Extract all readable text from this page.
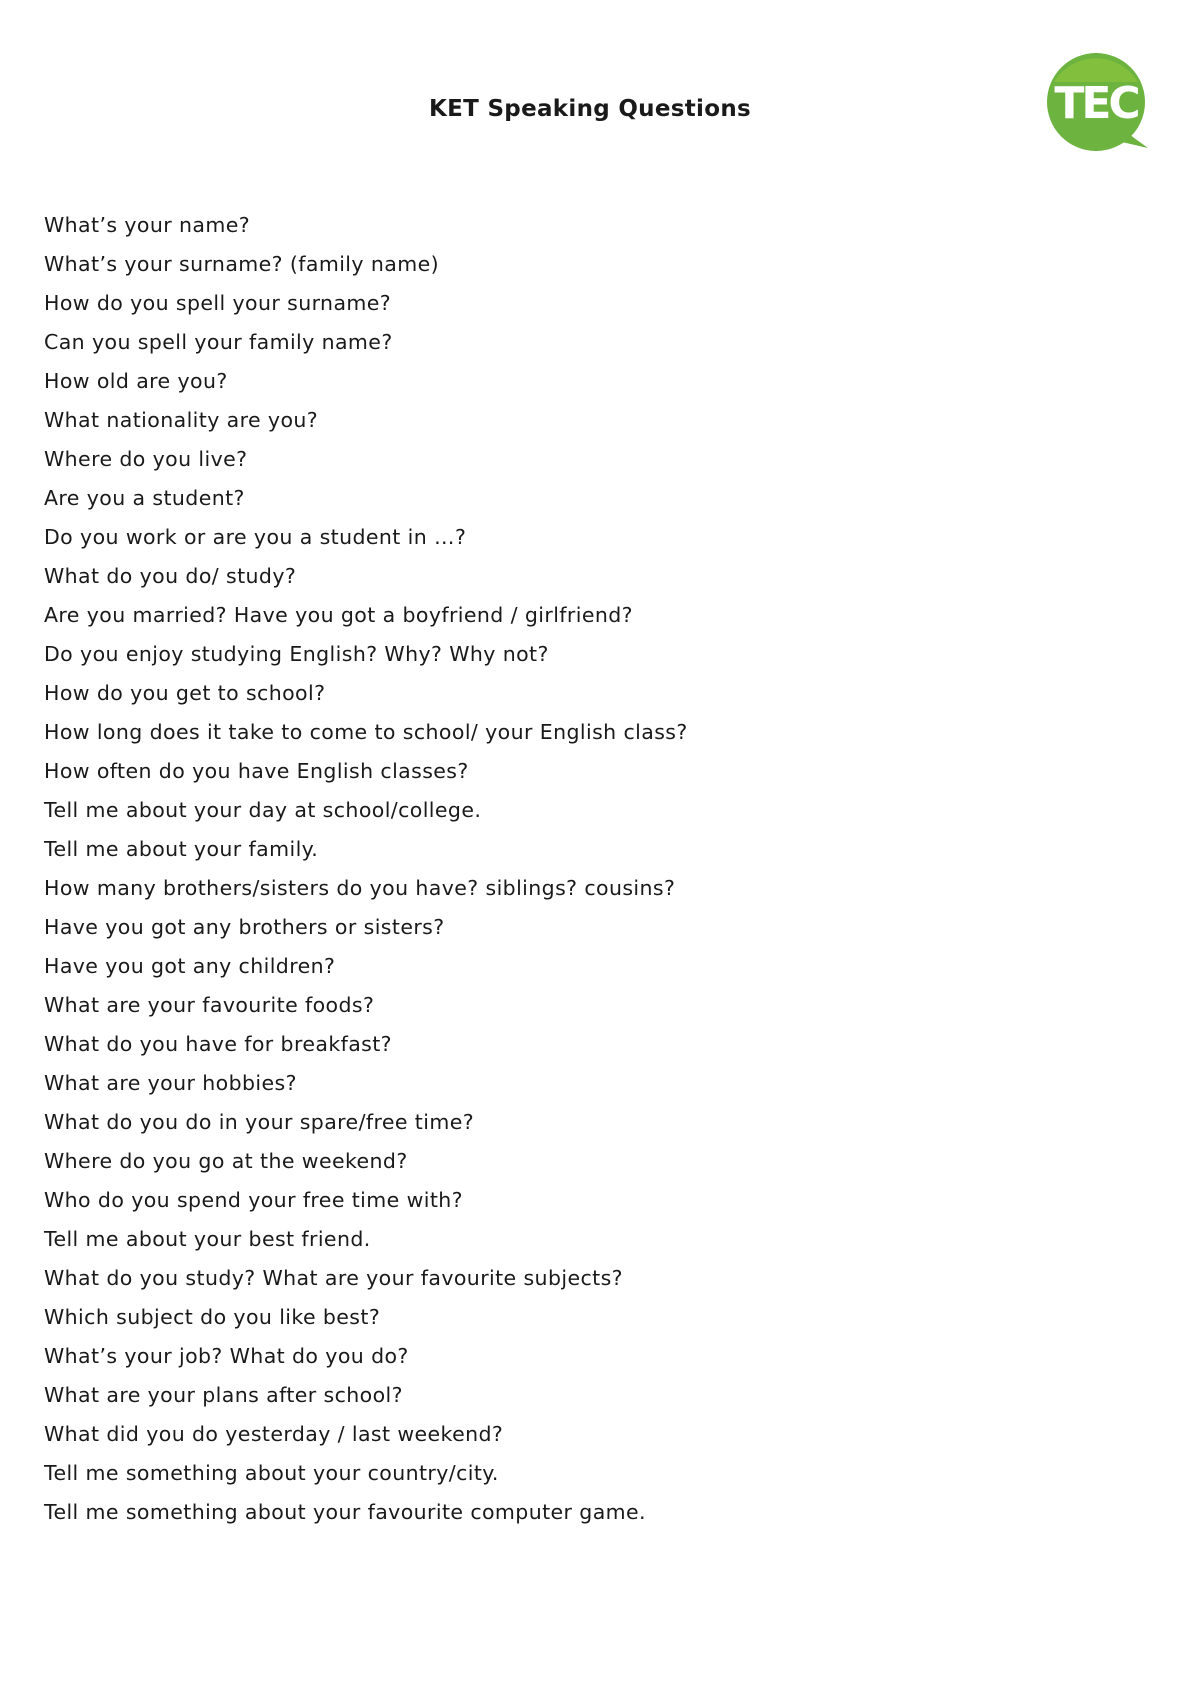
KET Speaking Questions	TEC
What’s your name?
What’s your surname? (family name)
How do you spell your surname?
Can you spell your family name?
How old are you?
What nationality are you?
Where do you live?
Are you a student?
Do you work or are you a student in …?
What do you do/ study?
Are you married? Have you got a boyfriend / girlfriend?
Do you enjoy studying English? Why? Why not?
How do you get to school?
How long does it take to come to school/ your English class?
How often do you have English classes?
Tell me about your day at school/college.
Tell me about your family.
How many brothers/sisters do you have? siblings? cousins?
Have you got any brothers or sisters?
Have you got any children?
What are your favourite foods?
What do you have for breakfast?
What are your hobbies?
What do you do in your spare/free time?
Where do you go at the weekend?
Who do you spend your free time with?
Tell me about your best friend.
What do you study? What are your favourite subjects?
Which subject do you like best?
What’s your job? What do you do?
What are your plans after school?
What did you do yesterday / last weekend?
Tell me something about your country/city.
Tell me something about your favourite computer game.
